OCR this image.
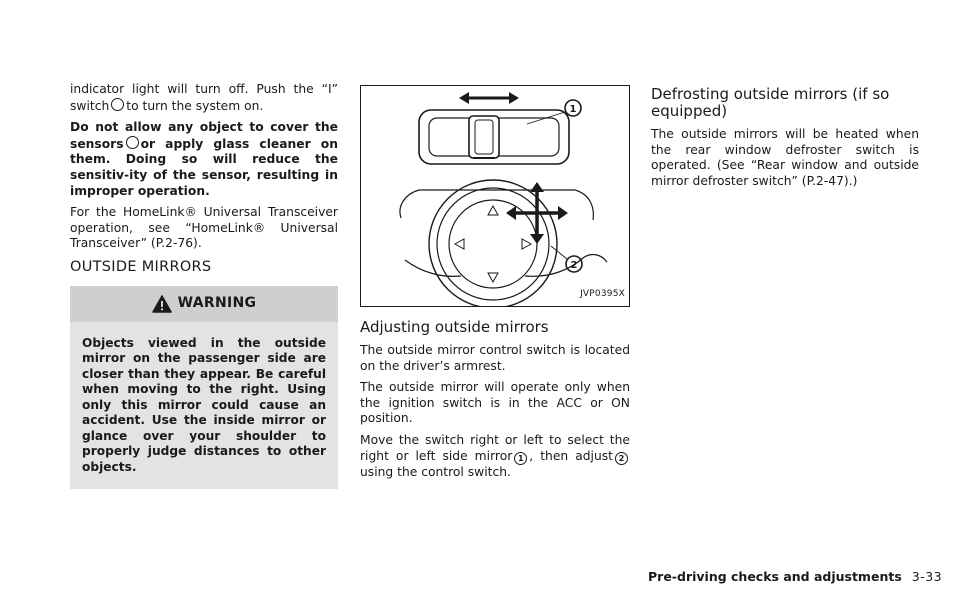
indicator light will turn off. Push the “I” switch to turn the system on.

Do not allow any object to cover the sensors or apply glass cleaner on them. Doing so will reduce the sensitiv-ity of the sensor, resulting in improper operation.

For the HomeLink® Universal Transceiver operation, see “HomeLink® Universal Transceiver” (P.2-76).

OUTSIDE MIRRORS
WARNING

Objects viewed in the outside mirror on the passenger side are closer than they appear. Be careful when moving to the right. Using only this mirror could cause an accident. Use the inside mirror or glance over your shoulder to properly judge distances to other objects.

1
2
JVP0395X
Adjusting outside mirrors

The outside mirror control switch is located on the driver’s armrest.

The outside mirror will operate only when the ignition switch is in the ACC or ON position.

Move the switch right or left to select the right or left side mirror 1 , then adjust 2using the control switch.

Defrosting outside mirrors (if so equipped)

The outside mirrors will be heated when the rear window defroster switch is operated. (See “Rear window and outside mirror defroster switch” (P.2-47).)

Pre-driving checks and adjustments 3-33
